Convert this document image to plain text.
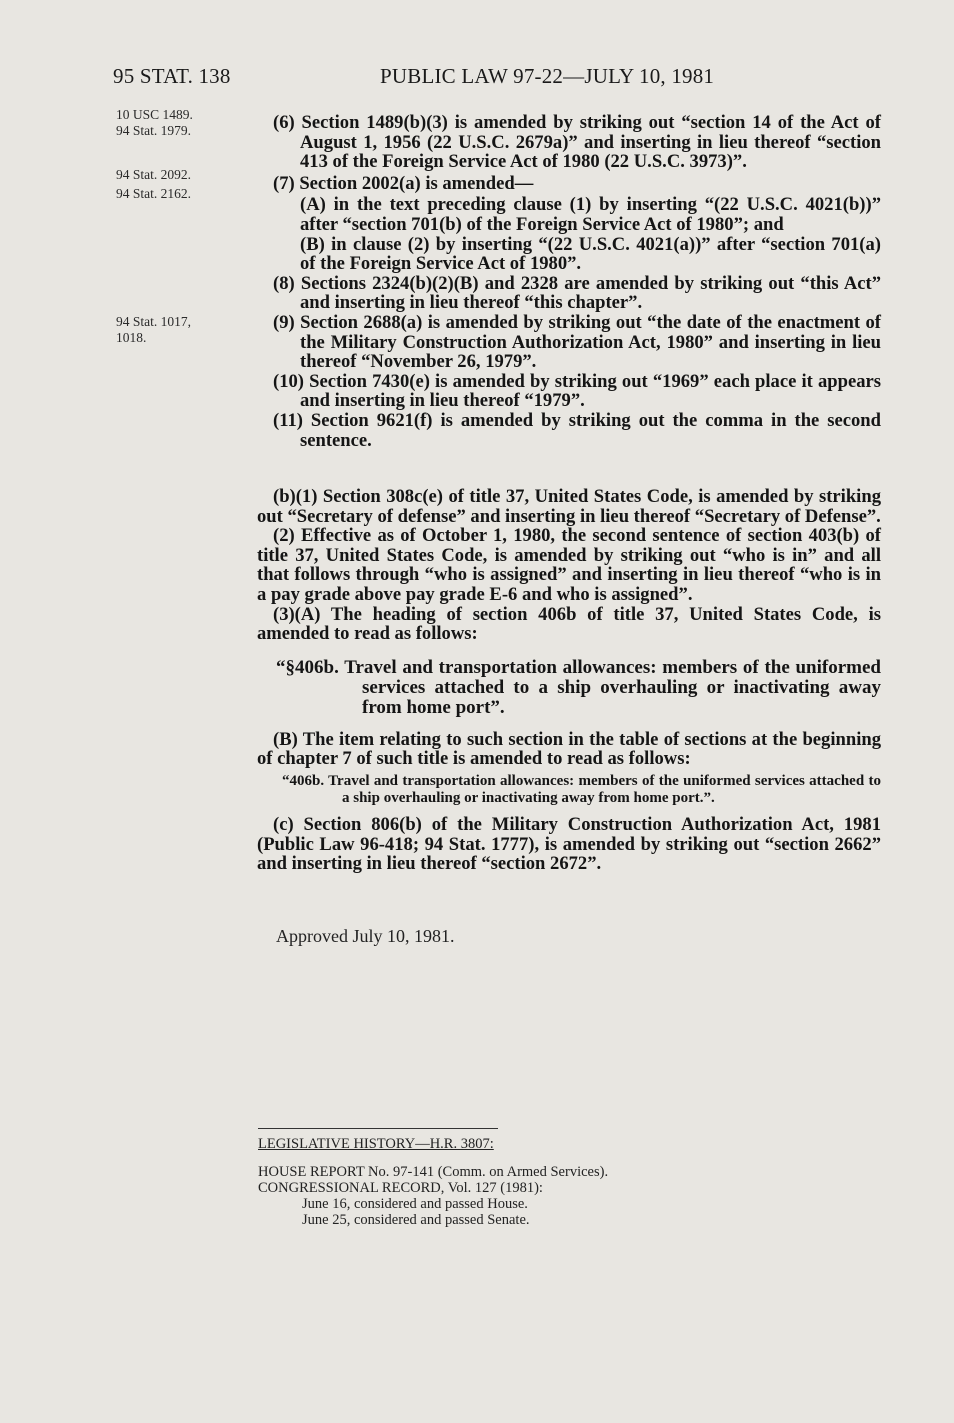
95 STAT. 138	PUBLIC LAW 97-22—JULY 10, 1981
10 USC 1489.
94 Stat. 1979.
94 Stat. 2092.
94 Stat. 2162.
94 Stat. 1017,
1018.
(6) Section 1489(b)(3) is amended by striking out “section 14 of the Act of August 1, 1956 (22 U.S.C. 2679a)” and inserting in lieu thereof “section 413 of the Foreign Service Act of 1980 (22 U.S.C. 3973)”.
(7) Section 2002(a) is amended—
(A) in the text preceding clause (1) by inserting “(22 U.S.C. 4021(b))” after “section 701(b) of the Foreign Service Act of 1980”; and
(B) in clause (2) by inserting “(22 U.S.C. 4021(a))” after “section 701(a) of the Foreign Service Act of 1980”.
(8) Sections 2324(b)(2)(B) and 2328 are amended by striking out “this Act” and inserting in lieu thereof “this chapter”.
(9) Section 2688(a) is amended by striking out “the date of the enactment of the Military Construction Authorization Act, 1980” and inserting in lieu thereof “November 26, 1979”.
(10) Section 7430(e) is amended by striking out “1969” each place it appears and inserting in lieu thereof “1979”.
(11) Section 9621(f) is amended by striking out the comma in the second sentence.
(b)(1) Section 308c(e) of title 37, United States Code, is amended by striking out “Secretary of defense” and inserting in lieu thereof “Secretary of Defense”.
(2) Effective as of October 1, 1980, the second sentence of section 403(b) of title 37, United States Code, is amended by striking out “who is in” and all that follows through “who is assigned” and inserting in lieu thereof “who is in a pay grade above pay grade E-6 and who is assigned”.
(3)(A) The heading of section 406b of title 37, United States Code, is amended to read as follows:
“§406b. Travel and transportation allowances: members of the uniformed services attached to a ship overhauling or inactivating away from home port”.
(B) The item relating to such section in the table of sections at the beginning of chapter 7 of such title is amended to read as follows:
“406b. Travel and transportation allowances: members of the uniformed services attached to a ship overhauling or inactivating away from home port.”.
(c) Section 806(b) of the Military Construction Authorization Act, 1981 (Public Law 96-418; 94 Stat. 1777), is amended by striking out “section 2662” and inserting in lieu thereof “section 2672”.
Approved July 10, 1981.
LEGISLATIVE HISTORY—H.R. 3807:
HOUSE REPORT No. 97-141 (Comm. on Armed Services).
CONGRESSIONAL RECORD, Vol. 127 (1981):
June 16, considered and passed House.
June 25, considered and passed Senate.
